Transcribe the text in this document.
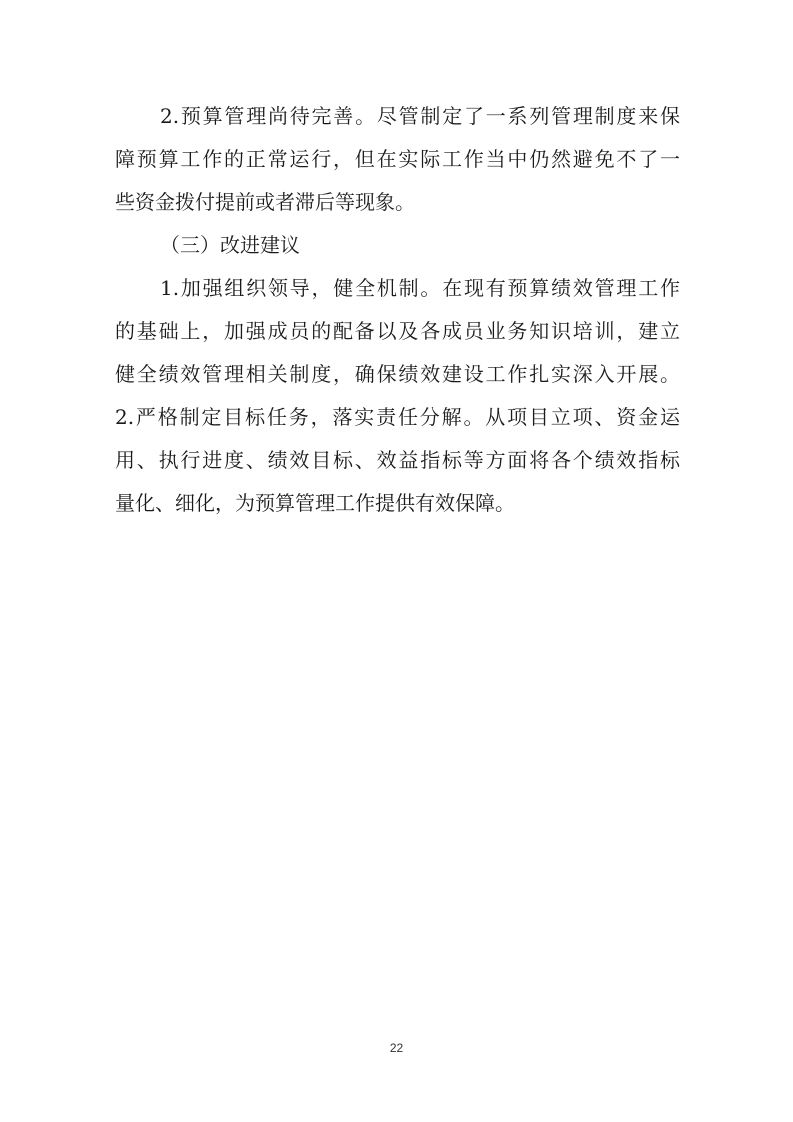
2.预算管理尚待完善。尽管制定了一系列管理制度来保
障预算工作的正常运行，但在实际工作当中仍然避免不了一
些资金拨付提前或者滞后等现象。
（三）改进建议
1.加强组织领导，健全机制。在现有预算绩效管理工作
的基础上，加强成员的配备以及各成员业务知识培训，建立
健全绩效管理相关制度，确保绩效建设工作扎实深入开展。
2.严格制定目标任务，落实责任分解。从项目立项、资金运
用、执行进度、绩效目标、效益指标等方面将各个绩效指标
量化、细化，为预算管理工作提供有效保障。
22
